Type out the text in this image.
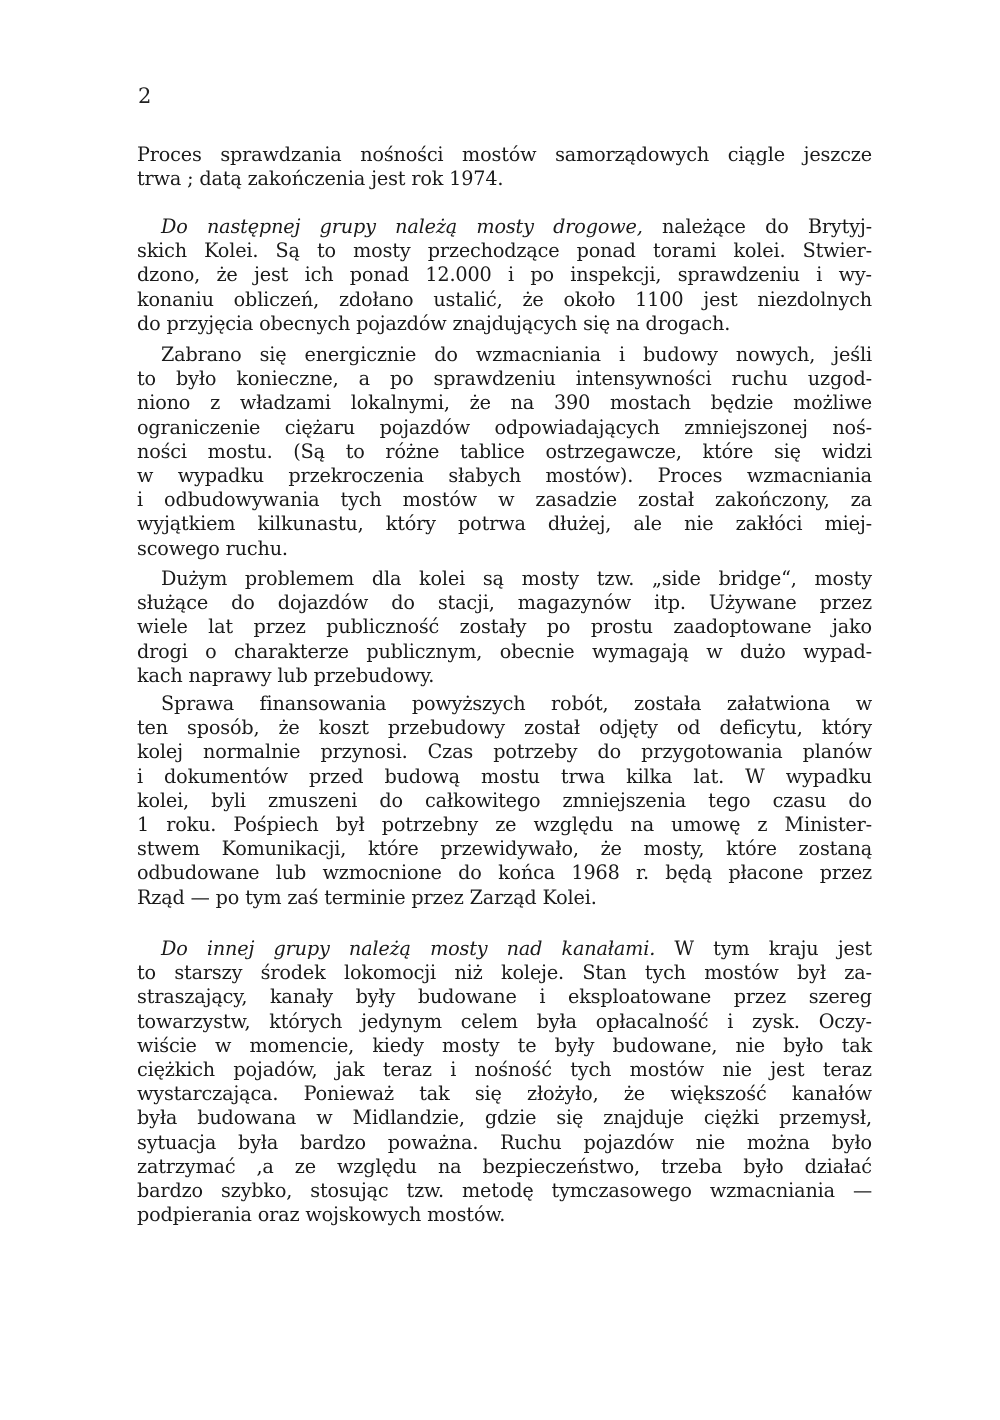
2
Proces sprawdzania nośności mostów samorządowych ciągle jeszcze
trwa ; datą zakończenia jest rok 1974.
Do następnej grupy należą mosty drogowe, należące do Brytyj-
skich Kolei. Są to mosty przechodzące ponad torami kolei. Stwier-
dzono, że jest ich ponad 12.000 i po inspekcji, sprawdzeniu i wy-
konaniu obliczeń, zdołano ustalić, że około 1100 jest niezdolnych
do przyjęcia obecnych pojazdów znajdujących się na drogach.
Zabrano się energicznie do wzmacniania i budowy nowych, jeśli
to było konieczne, a po sprawdzeniu intensywności ruchu uzgod-
niono z władzami lokalnymi, że na 390 mostach będzie możliwe
ograniczenie ciężaru pojazdów odpowiadających zmniejszonej noś-
ności mostu. (Są to różne tablice ostrzegawcze, które się widzi
w wypadku przekroczenia słabych mostów). Proces wzmacniania
i odbudowywania tych mostów w zasadzie został zakończony, za
wyjątkiem kilkunastu, który potrwa dłużej, ale nie zakłóci miej-
scowego ruchu.
Dużym problemem dla kolei są mosty tzw. „side bridge“, mosty
służące do dojazdów do stacji, magazynów itp. Używane przez
wiele lat przez publiczność zostały po prostu zaadoptowane jako
drogi o charakterze publicznym, obecnie wymagają w dużo wypad-
kach naprawy lub przebudowy.
Sprawa finansowania powyższych robót, została załatwiona w
ten sposób, że koszt przebudowy został odjęty od deficytu, który
kolej normalnie przynosi. Czas potrzeby do przygotowania planów
i dokumentów przed budową mostu trwa kilka lat. W wypadku
kolei, byli zmuszeni do całkowitego zmniejszenia tego czasu do
1 roku. Pośpiech był potrzebny ze względu na umowę z Minister-
stwem Komunikacji, które przewidywało, że mosty, które zostaną
odbudowane lub wzmocnione do końca 1968 r. będą płacone przez
Rząd — po tym zaś terminie przez Zarząd Kolei.
Do innej grupy należą mosty nad kanałami. W tym kraju jest
to starszy środek lokomocji niż koleje. Stan tych mostów był za-
straszający, kanały były budowane i eksploatowane przez szereg
towarzystw, których jedynym celem była opłacalność i zysk. Oczy-
wiście w momencie, kiedy mosty te były budowane, nie było tak
ciężkich pojadów, jak teraz i nośność tych mostów nie jest teraz
wystarczająca. Ponieważ tak się złożyło, że większość kanałów
była budowana w Midlandzie, gdzie się znajduje ciężki przemysł,
sytuacja była bardzo poważna. Ruchu pojazdów nie można było
zatrzymać ,a ze względu na bezpieczeństwo, trzeba było działać
bardzo szybko, stosując tzw. metodę tymczasowego wzmacniania —
podpierania oraz wojskowych mostów.
